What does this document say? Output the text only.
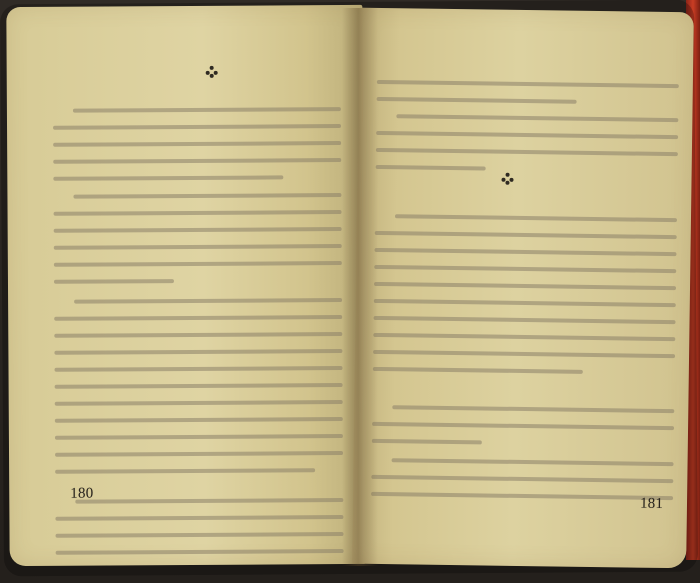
180
181
